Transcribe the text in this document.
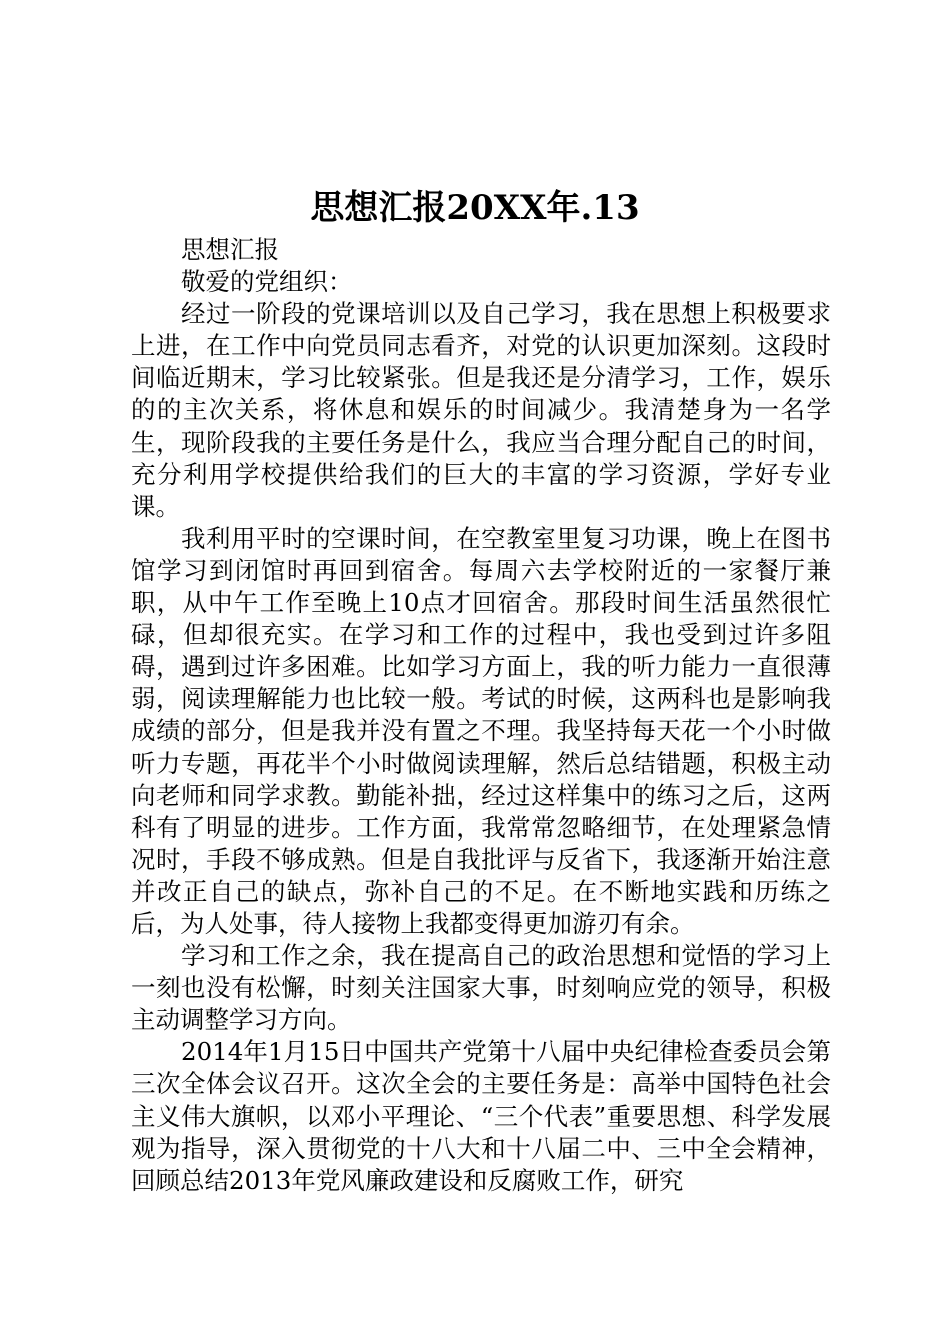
思想汇报20XX年.13

思想汇报

敬爱的党组织：

经过一阶段的党课培训以及自己学习，我在思想上积极要求上进，在工作中向党员同志看齐，对党的认识更加深刻。这段时间临近期末，学习比较紧张。但是我还是分清学习，工作，娱乐的的主次关系，将休息和娱乐的时间减少。我清楚身为一名学生，现阶段我的主要任务是什么，我应当合理分配自己的时间，充分利用学校提供给我们的巨大的丰富的学习资源，学好专业课。

我利用平时的空课时间，在空教室里复习功课，晚上在图书馆学习到闭馆时再回到宿舍。每周六去学校附近的一家餐厅兼职，从中午工作至晚上10点才回宿舍。那段时间生活虽然很忙碌，但却很充实。在学习和工作的过程中，我也受到过许多阻碍，遇到过许多困难。比如学习方面上，我的听力能力一直很薄弱，阅读理解能力也比较一般。考试的时候，这两科也是影响我成绩的部分，但是我并没有置之不理。我坚持每天花一个小时做听力专题，再花半个小时做阅读理解，然后总结错题，积极主动向老师和同学求教。勤能补拙，经过这样集中的练习之后，这两科有了明显的进步。工作方面，我常常忽略细节，在处理紧急情况时，手段不够成熟。但是自我批评与反省下，我逐渐开始注意并改正自己的缺点，弥补自己的不足。在不断地实践和历练之后，为人处事，待人接物上我都变得更加游刃有余。

学习和工作之余，我在提高自己的政治思想和觉悟的学习上一刻也没有松懈，时刻关注国家大事，时刻响应党的领导，积极主动调整学习方向。

2014年1月15日中国共产党第十八届中央纪律检查委员会第三次全体会议召开。这次全会的主要任务是：高举中国特色社会主义伟大旗帜，以邓小平理论、“三个代表”重要思想、科学发展观为指导，深入贯彻党的十八大和十八届二中、三中全会精神，回顾总结2013年党风廉政建设和反腐败工作，研究
